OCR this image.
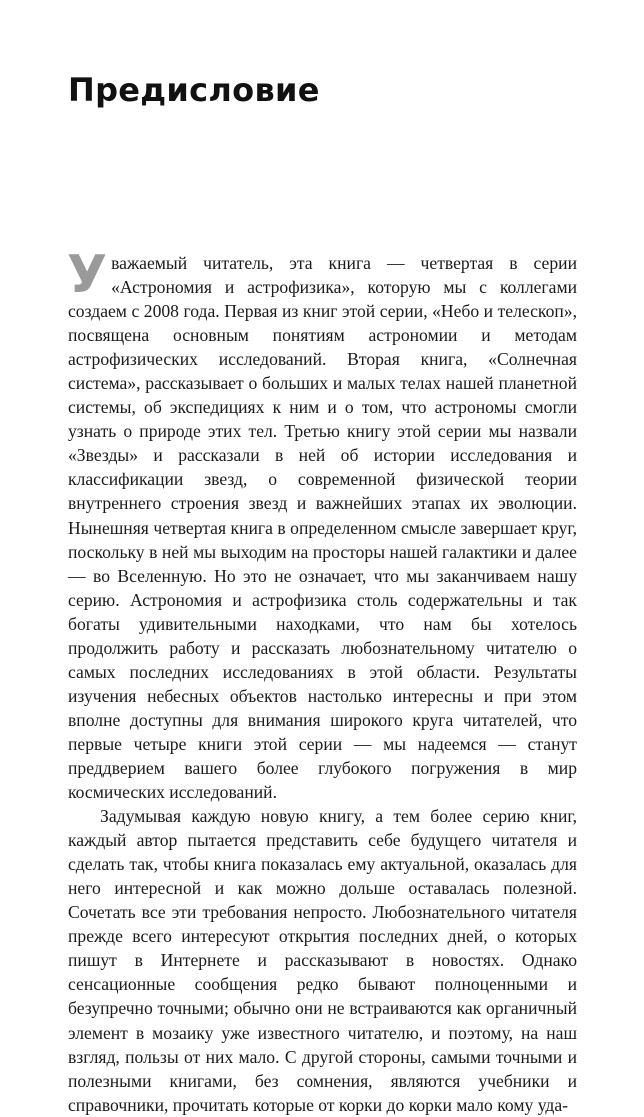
Предисловие

Уважаемый читатель, эта книга — четвертая в серии «Астрономия и астрофизика», которую мы с коллегами создаем с 2008 года. Первая из книг этой серии, «Небо и телескоп», посвящена основным понятиям астрономии и методам астрофизических исследований. Вторая книга, «Солнечная система», рассказывает о больших и малых телах нашей планетной системы, об экспедициях к ним и о том, что астрономы смогли узнать о природе этих тел. Третью книгу этой серии мы назвали «Звезды» и рассказали в ней об истории исследования и классификации звезд, о современной физической теории внутреннего строения звезд и важнейших этапах их эволюции. Нынешняя четвертая книга в определенном смысле завершает круг, поскольку в ней мы выходим на просторы нашей галактики и далее — во Вселенную. Но это не означает, что мы заканчиваем нашу серию. Астрономия и астрофизика столь содержательны и так богаты удивительными находками, что нам бы хотелось продолжить работу и рассказать любознательному читателю о самых последних исследованиях в этой области. Результаты изучения небесных объектов настолько интересны и при этом вполне доступны для внимания широкого круга читателей, что первые четыре книги этой серии — мы надеемся — станут преддверием вашего более глубокого погружения в мир космических исследований.

Задумывая каждую новую книгу, а тем более серию книг, каждый автор пытается представить себе будущего читателя и сделать так, чтобы книга показалась ему актуальной, оказалась для него интересной и как можно дольше оставалась полезной. Сочетать все эти требования непросто. Любознательного читателя прежде всего интересуют открытия последних дней, о которых пишут в Интернете и рассказывают в новостях. Однако сенсационные сообщения редко бывают полноценными и безупречно точными; обычно они не встраиваются как органичный элемент в мозаику уже известного читателю, и поэтому, на наш взгляд, пользы от них мало. С другой стороны, самыми точными и полезными книгами, без сомнения, являются учебники и справочники, прочитать которые от корки до корки мало кому уда-
